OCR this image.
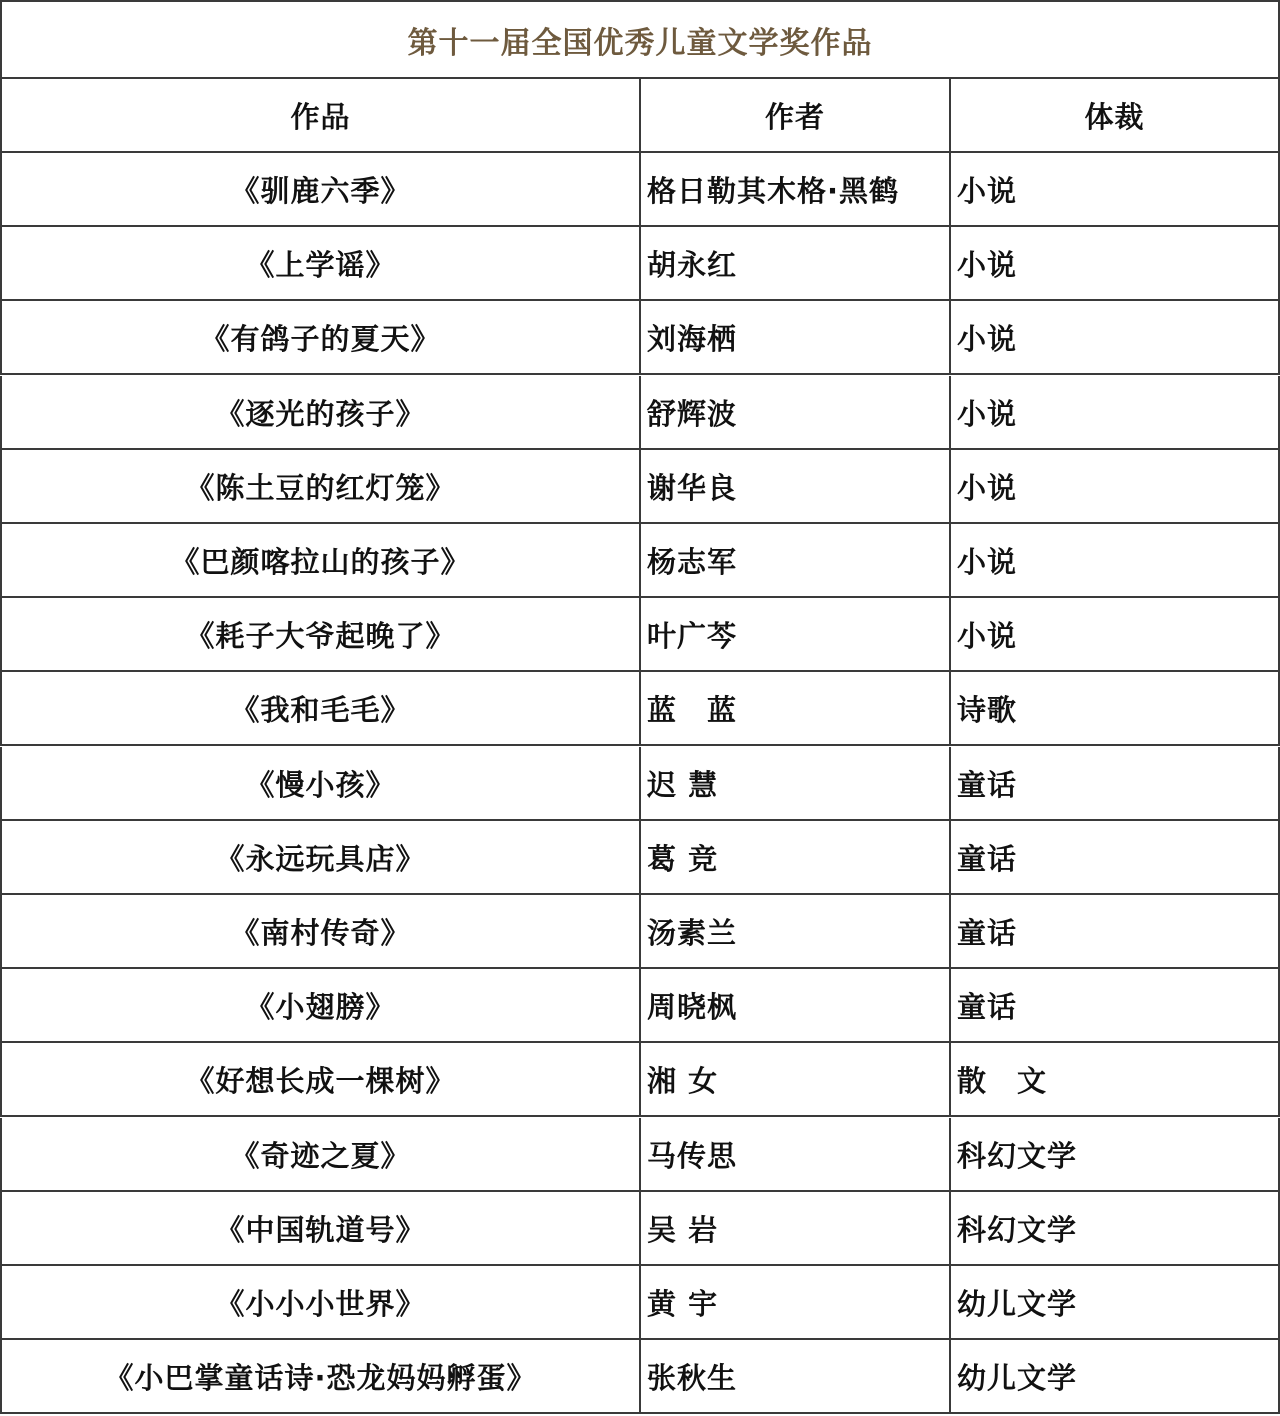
第十一届全国优秀儿童文学奖作品
作品	作者	体裁
《驯鹿六季》	格日勒其木格·黑鹤	小说
《上学谣》	胡永红	小说
《有鸽子的夏天》	刘海栖	小说
《逐光的孩子》	舒辉波	小说
《陈土豆的红灯笼》	谢华良	小说
《巴颜喀拉山的孩子》	杨志军	小说
《耗子大爷起晚了》	叶广芩	小说
《我和毛毛》	蓝　蓝	诗歌
《慢小孩》	迟 慧	童话
《永远玩具店》	葛 竞	童话
《南村传奇》	汤素兰	童话
《小翅膀》	周晓枫	童话
《好想长成一棵树》	湘 女	散　文
《奇迹之夏》	马传思	科幻文学
《中国轨道号》	吴 岩	科幻文学
《小小小世界》	黄 宇	幼儿文学
《小巴掌童话诗·恐龙妈妈孵蛋》	张秋生	幼儿文学
